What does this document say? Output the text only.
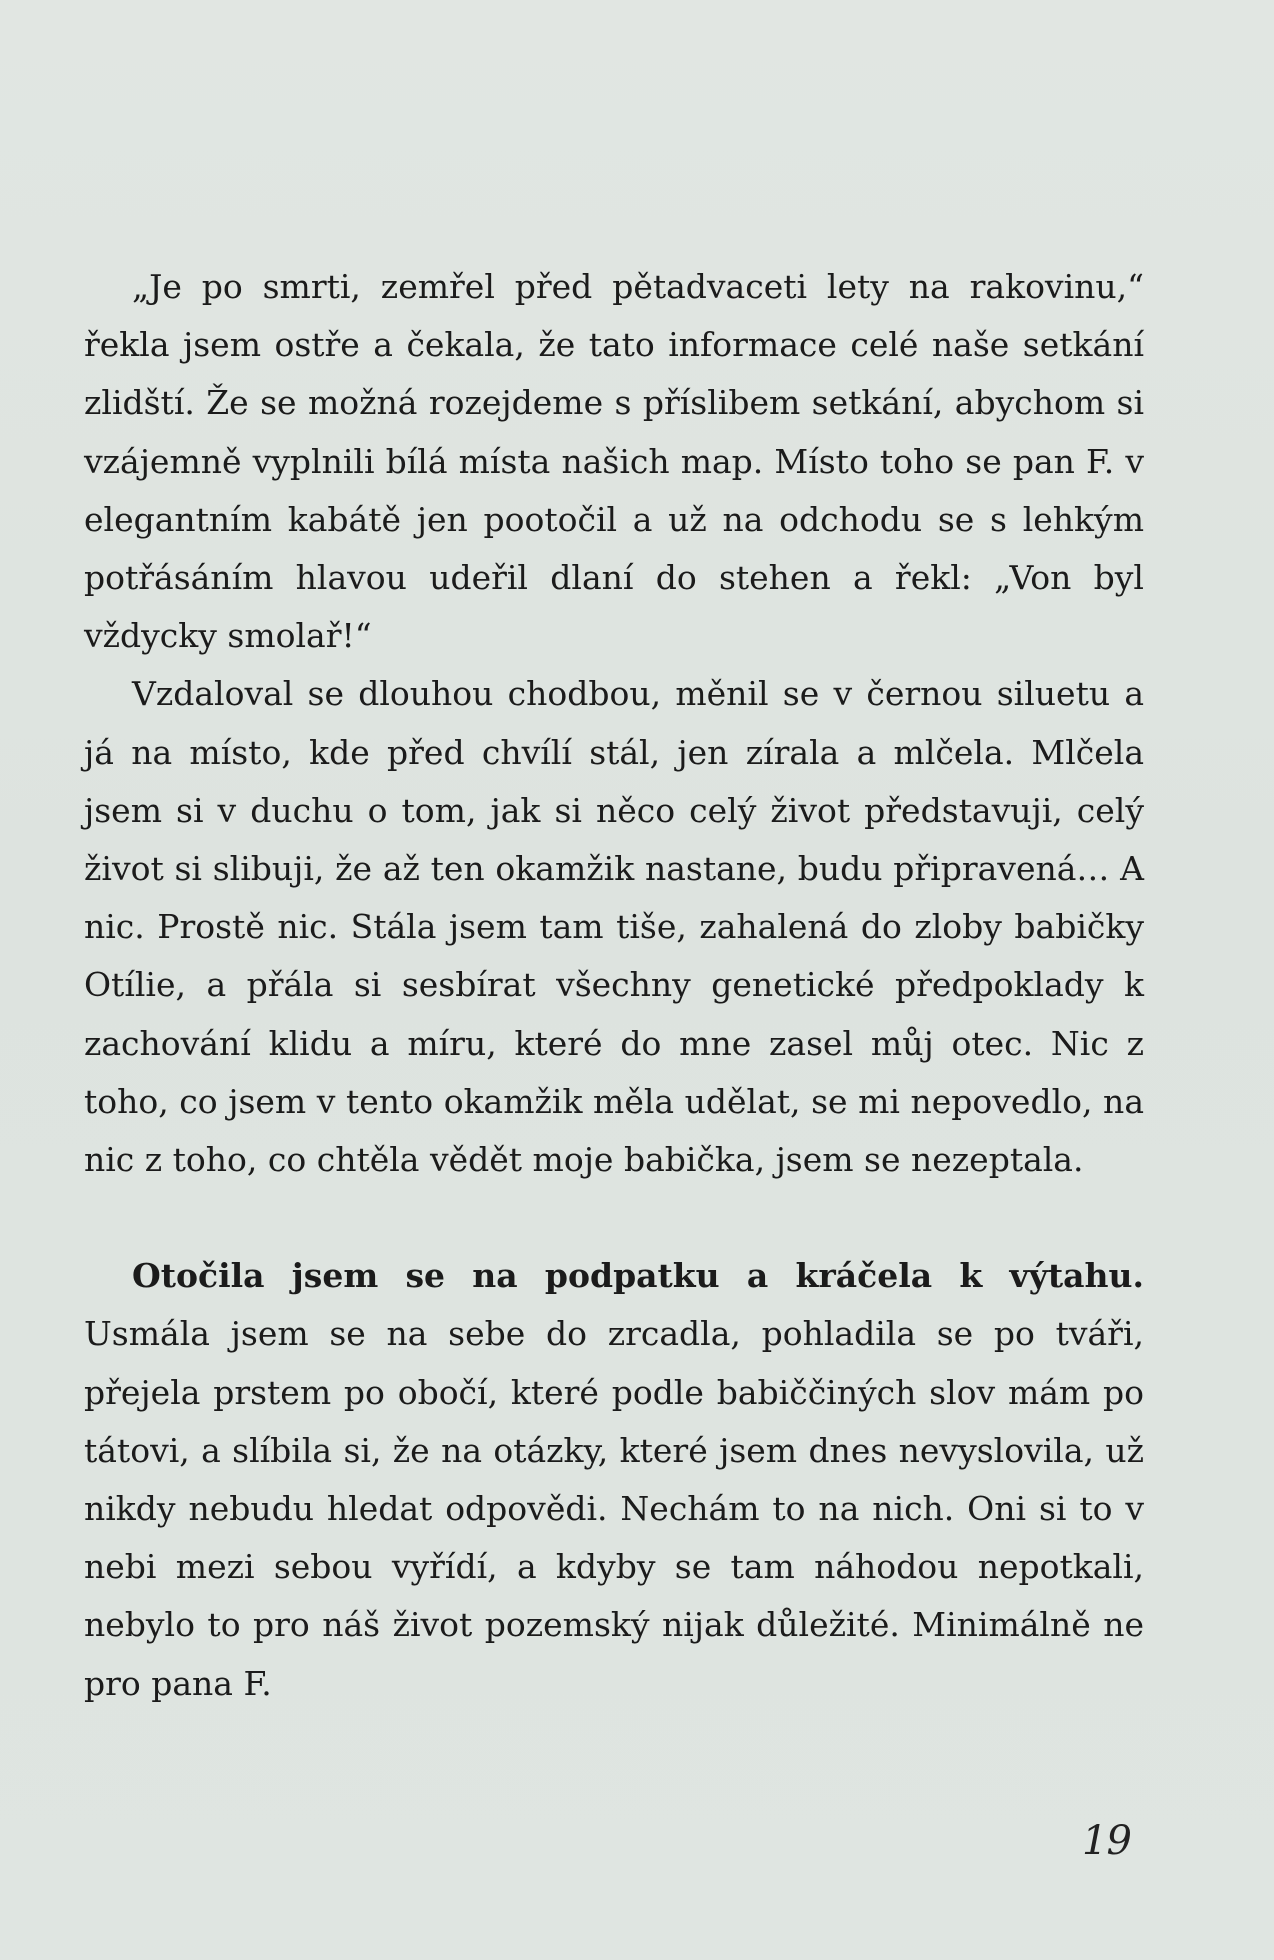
„Je po smrti, zemřel před pětadvaceti lety na rakovinu,“ řekla jsem ostře a čekala, že tato informace celé naše setkání zlidští. Že se možná rozejdeme s příslibem setkání, abychom si vzájemně vyplnili bílá místa našich map. Místo toho se pan F. v elegantním kabátě jen pootočil a už na odchodu se s lehkým potřásáním hlavou udeřil dlaní do stehen a řekl: „Von byl vždycky smolař!“

Vzdaloval se dlouhou chodbou, měnil se v černou siluetu a já na místo, kde před chvílí stál, jen zírala a mlčela. Mlčela jsem si v duchu o tom, jak si něco celý život představuji, celý život si slibuji, že až ten okamžik nastane, budu připravená… A nic. Prostě nic. Stála jsem tam tiše, zahalená do zloby babičky Otílie, a přála si sesbírat všechny genetické předpoklady k zachování klidu a míru, které do mne zasel můj otec. Nic z toho, co jsem v tento okamžik měla udělat, se mi nepovedlo, na nic z toho, co chtěla vědět moje babička, jsem se nezeptala.

Otočila jsem se na podpatku a kráčela k výtahu. Usmála jsem se na sebe do zrcadla, pohladila se po tváři, přejela prstem po obočí, které podle babiččiných slov mám po tátovi, a slíbila si, že na otázky, které jsem dnes nevyslovila, už nikdy nebudu hledat odpovědi. Nechám to na nich. Oni si to v nebi mezi sebou vyřídí, a kdyby se tam náhodou nepotkali, nebylo to pro náš život pozemský nijak důležité. Minimálně ne pro pana F.

19
